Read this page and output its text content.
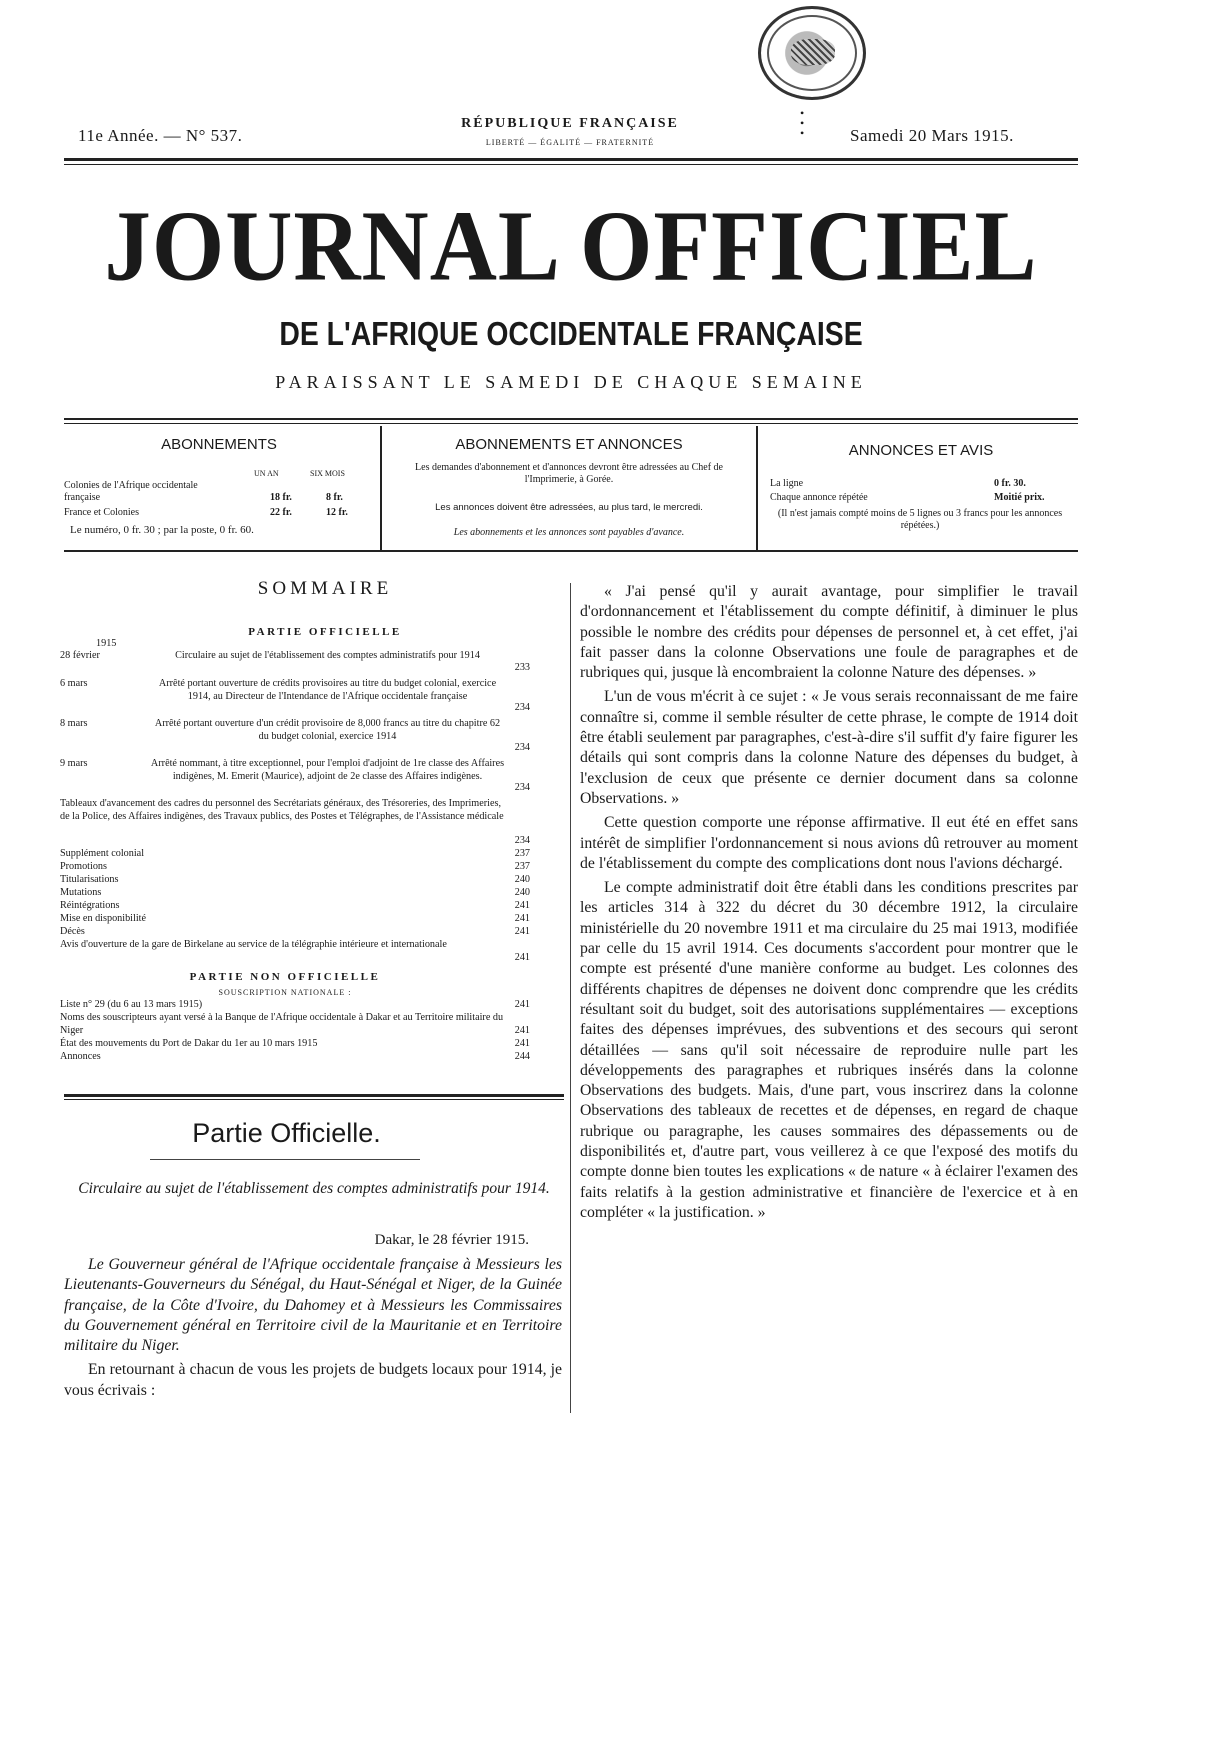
11e Année. — N° 537.
RÉPUBLIQUE FRANÇAISE
LIBERTÉ — ÉGALITÉ — FRATERNITÉ
•
•
•	Samedi 20 Mars 1915.
JOURNAL OFFICIEL
DE L'AFRIQUE OCCIDENTALE FRANÇAISE
PARAISSANT LE SAMEDI DE CHAQUE SEMAINE
ABONNEMENTS
UN AN	SIX MOIS
Colonies de l'Afrique occidentale française	18 fr.	8 fr.
France et Colonies	22 fr.	12 fr.
Le numéro, 0 fr. 30 ; par la poste, 0 fr. 60.
ABONNEMENTS ET ANNONCES
Les demandes d'abonnement et d'annonces devront être adressées au Chef de l'Imprimerie, à Gorée.
Les annonces doivent être adressées, au plus tard, le mercredi.
Les abonnements et les annonces sont payables d'avance.
ANNONCES ET AVIS
La ligne	0 fr. 30.
Chaque annonce répétée	Moitié prix.
(Il n'est jamais compté moins de 5 lignes ou 3 francs pour les annonces répétées.)
SOMMAIRE
PARTIE OFFICIELLE
1915
28 février	Circulaire au sujet de l'établissement des comptes administratifs pour 1914
233
6 mars	Arrêté portant ouverture de crédits provisoires au titre du budget colonial, exercice 1914, au Directeur de l'Intendance de l'Afrique occidentale française
234
8 mars	Arrêté portant ouverture d'un crédit provisoire de 8,000 francs au titre du chapitre 62 du budget colonial, exercice 1914
234
9 mars	Arrêté nommant, à titre exceptionnel, pour l'emploi d'adjoint de 1re classe des Affaires indigènes, M. Emerit (Maurice), adjoint de 2e classe des Affaires indigènes.
234
Tableaux d'avancement des cadres du personnel des Secrétariats généraux, des Trésoreries, des Imprimeries, de la Police, des Affaires indigènes, des Travaux publics, des Postes et Télégraphes, de l'Assistance médicale
234
Supplément colonial	237
Promotions	237
Titularisations	240
Mutations	240
Réintégrations	241
Mise en disponibilité	241
Décès	241
Avis d'ouverture de la gare de Birkelane au service de la télégraphie intérieure et internationale
241
PARTIE NON OFFICIELLE
SOUSCRIPTION NATIONALE :
Liste n° 29 (du 6 au 13 mars 1915)	241
Noms des souscripteurs ayant versé à la Banque de l'Afrique occidentale à Dakar et au Territoire militaire du Niger	241
État des mouvements du Port de Dakar du 1er au 10 mars 1915	241
Annonces	244
Partie Officielle.
Circulaire au sujet de l'établissement des comptes administratifs pour 1914.
Dakar, le 28 février 1915.

Le Gouverneur général de l'Afrique occidentale française à Messieurs les Lieutenants-Gouverneurs du Sénégal, du Haut-Sénégal et Niger, de la Guinée française, de la Côte d'Ivoire, du Dahomey et à Messieurs les Commissaires du Gouvernement général en Territoire civil de la Mauritanie et en Territoire militaire du Niger.

En retournant à chacun de vous les projets de budgets locaux pour 1914, je vous écrivais :

« J'ai pensé qu'il y aurait avantage, pour simplifier le travail d'ordonnancement et l'établissement du compte définitif, à diminuer le plus possible le nombre des crédits pour dépenses de personnel et, à cet effet, j'ai fait passer dans la colonne Observations une foule de paragraphes et de rubriques qui, jusque là encombraient la colonne Nature des dépenses. »

L'un de vous m'écrit à ce sujet : « Je vous serais reconnaissant de me faire connaître si, comme il semble résulter de cette phrase, le compte de 1914 doit être établi seulement par paragraphes, c'est-à-dire s'il suffit d'y faire figurer les détails qui sont compris dans la colonne Nature des dépenses du budget, à l'exclusion de ceux que présente ce dernier document dans sa colonne Observations. »

Cette question comporte une réponse affirmative. Il eut été en effet sans intérêt de simplifier l'ordonnancement si nous avions dû retrouver au moment de l'établissement du compte des complications dont nous l'avions déchargé.

Le compte administratif doit être établi dans les conditions prescrites par les articles 314 à 322 du décret du 30 décembre 1912, la circulaire ministérielle du 20 novembre 1911 et ma circulaire du 25 mai 1913, modifiée par celle du 15 avril 1914. Ces documents s'accordent pour montrer que le compte est présenté d'une manière conforme au budget. Les colonnes des différents chapitres de dépenses ne doivent donc comprendre que les crédits résultant soit du budget, soit des autorisations supplémentaires — exceptions faites des dépenses imprévues, des subventions et des secours qui seront détaillées — sans qu'il soit nécessaire de reproduire nulle part les développements des paragraphes et rubriques insérés dans la colonne Observations des budgets. Mais, d'une part, vous inscrirez dans la colonne Observations des tableaux de recettes et de dépenses, en regard de chaque rubrique ou paragraphe, les causes sommaires des dépassements ou de disponibilités et, d'autre part, vous veillerez à ce que l'exposé des motifs du compte donne bien toutes les explications « de nature « à éclairer l'examen des faits relatifs à la gestion administrative et financière de l'exercice et à en compléter « la justification. »
